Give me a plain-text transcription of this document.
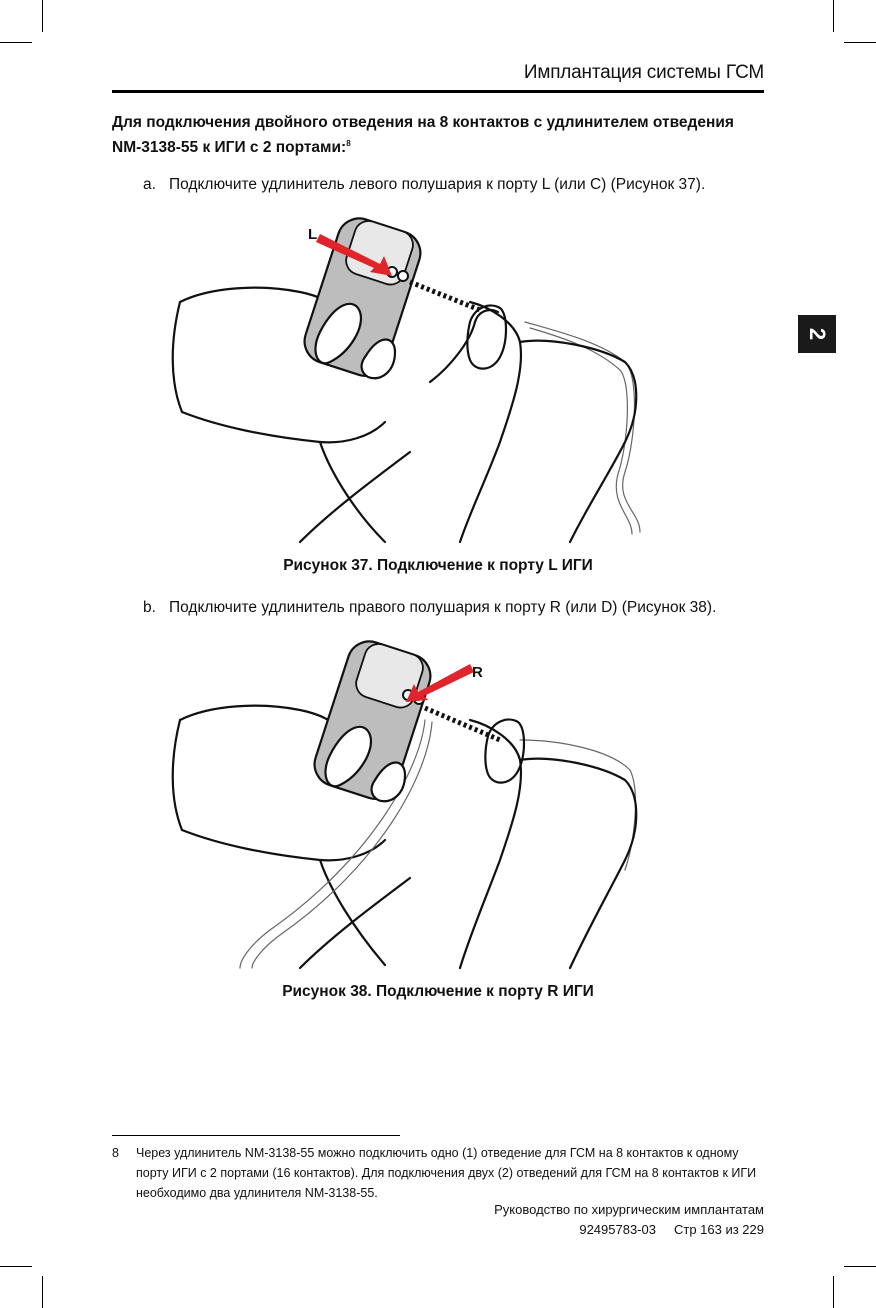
Имплантация системы ГСМ
2
Для подключения двойного отведения на 8 контактов с удлинителем отведения
NM-3138-55 к ИГИ с 2 портами:$^8$
a. Подключите удлинитель левого полушария к порту L (или C) (Рисунок 37).
L
Рисунок 37. Подключение к порту L ИГИ
b. Подключите удлинитель правого полушария к порту R (или D) (Рисунок 38).
R
Рисунок 38. Подключение к порту R ИГИ
8 Через удлинитель NM-3138-55 можно подключить одно (1) отведение для ГСМ на 8 контактов к одному
порту ИГИ с 2 портами (16 контактов). Для подключения двух (2) отведений для ГСМ на 8 контактов к ИГИ
необходимо два удлинителя NM-3138-55.
Руководство по хирургическим имплантатам
92495783-03 Стр 163 из 229
